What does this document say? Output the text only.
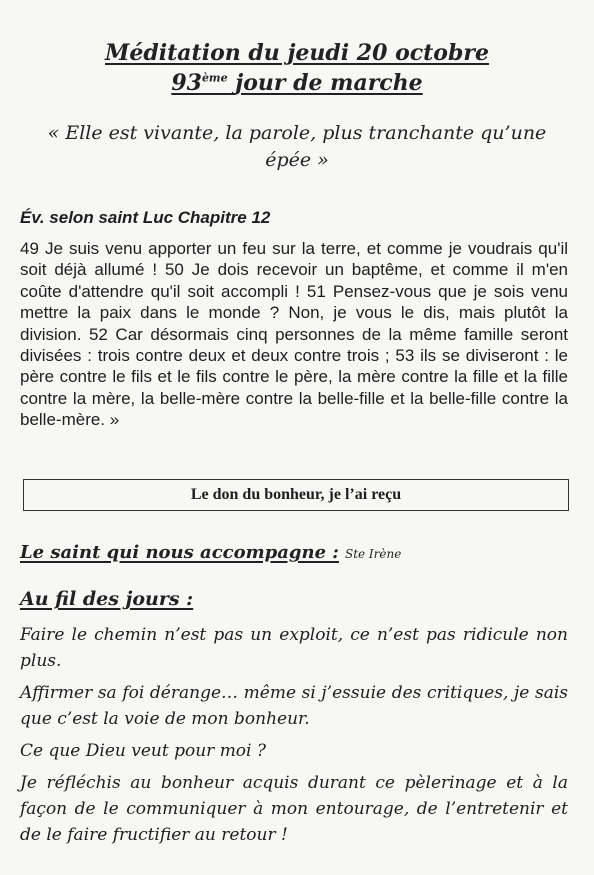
Méditation du jeudi 20 octobre
93ème jour de marche
« Elle est vivante, la parole, plus tranchante qu’une épée »
Év. selon saint Luc Chapitre 12
49 Je suis venu apporter un feu sur la terre, et comme je voudrais qu'il soit déjà allumé ! 50 Je dois recevoir un baptême, et comme il m'en coûte d'attendre qu'il soit accompli ! 51 Pensez-vous que je sois venu mettre la paix dans le monde ? Non, je vous le dis, mais plutôt la division. 52 Car désormais cinq personnes de la même famille seront divisées : trois contre deux et deux contre trois ; 53 ils se diviseront : le père contre le fils et le fils contre le père, la mère contre la fille et la fille contre la mère, la belle-mère contre la belle-fille et la belle-fille contre la belle-mère. »
Le don du bonheur, je l’ai reçu
Le saint qui nous accompagne : Ste Irène
Au fil des jours :
Faire le chemin n’est pas un exploit, ce n’est pas ridicule non plus.
Affirmer sa foi dérange… même si j’essuie des critiques, je sais que c’est la voie de mon bonheur.
Ce que Dieu veut pour moi ?
Je réfléchis au bonheur acquis durant ce pèlerinage et à la façon de le communiquer à mon entourage, de l’entretenir et de le faire fructifier au retour !
